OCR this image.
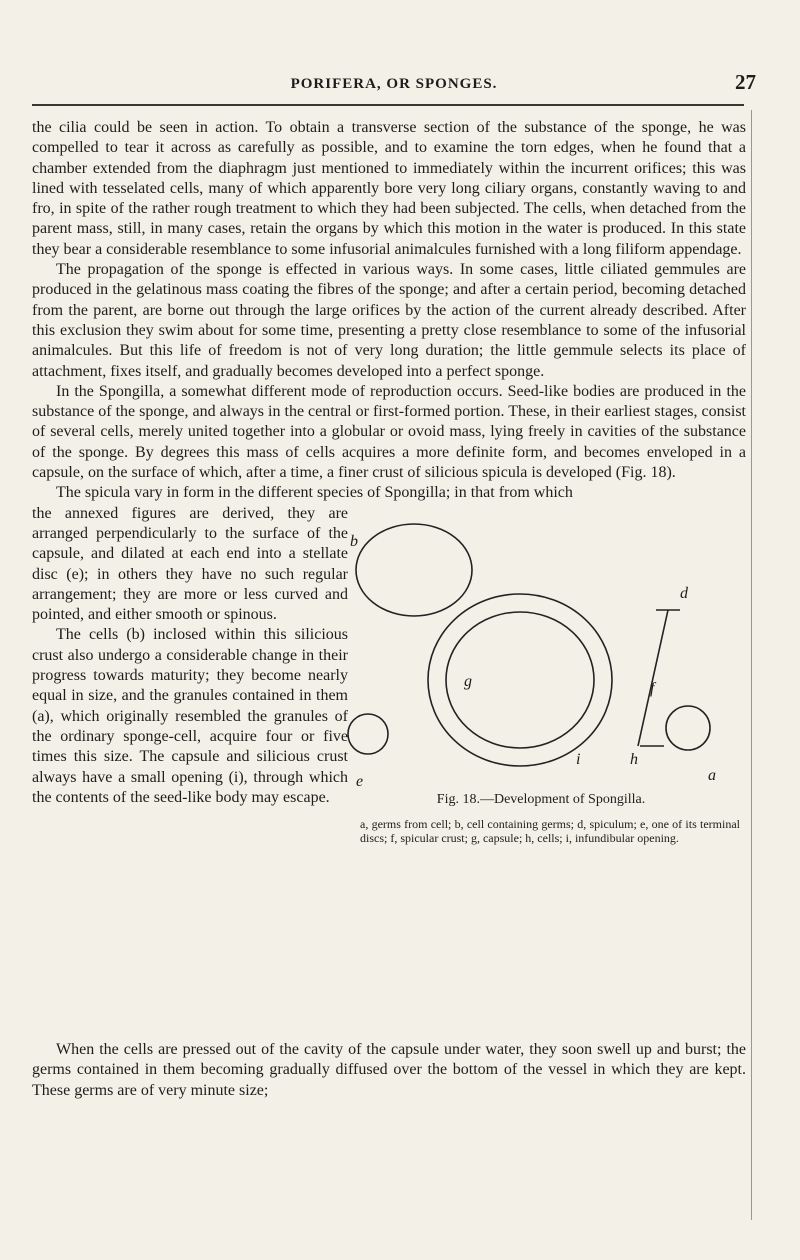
PORIFERA, OR SPONGES.	27

the cilia could be seen in action. To obtain a transverse section of the substance of the sponge, he was compelled to tear it across as carefully as possible, and to examine the torn edges, when he found that a chamber extended from the diaphragm just mentioned to immediately within the incurrent orifices; this was lined with tesselated cells, many of which apparently bore very long ciliary organs, constantly waving to and fro, in spite of the rather rough treatment to which they had been subjected. The cells, when detached from the parent mass, still, in many cases, retain the organs by which this motion in the water is produced. In this state they bear a considerable resemblance to some infusorial animalcules furnished with a long filiform appendage.

The propagation of the sponge is effected in various ways. In some cases, little ciliated gemmules are produced in the gelatinous mass coating the fibres of the sponge; and after a certain period, becoming detached from the parent, are borne out through the large orifices by the action of the current already described. After this exclusion they swim about for some time, presenting a pretty close resemblance to some of the infusorial animalcules. But this life of freedom is not of very long duration; the little gemmule selects its place of attachment, fixes itself, and gradually becomes developed into a perfect sponge.

In the Spongilla, a somewhat different mode of reproduction occurs. Seed-like bodies are produced in the substance of the sponge, and always in the central or first-formed portion. These, in their earliest stages, consist of several cells, merely united together into a globular or ovoid mass, lying freely in cavities of the substance of the sponge. By degrees this mass of cells acquires a more definite form, and becomes enveloped in a capsule, on the surface of which, after a time, a finer crust of silicious spicula is developed (Fig. 18).

The spicula vary in form in the different species of Spongilla; in that from which

the annexed figures are derived, they are arranged perpendicularly to the surface of the capsule, and dilated at each end into a stellate disc (e); in others they have no such regular arrangement; they are more or less curved and pointed, and either smooth or spinous.

The cells (b) inclosed within this silicious crust also undergo a considerable change in their progress towards maturity; they become nearly equal in size, and the granules contained in them (a), which originally resembled the granules of the ordinary sponge-cell, acquire four or five times this size. The capsule and silicious crust always have a small opening (i), through which the contents of the seed-like body may escape.

b
d
f
g
e	a
h
i
Fig. 18.—Development of Spongilla.
a, germs from cell; b, cell containing germs; d, spiculum; e, one of its terminal discs; f, spicular crust; g, capsule; h, cells; i, infundibular opening.

When the cells are pressed out of the cavity of the capsule under water, they soon swell up and burst; the germs contained in them becoming gradually diffused over the bottom of the vessel in which they are kept. These germs are of very minute size;
